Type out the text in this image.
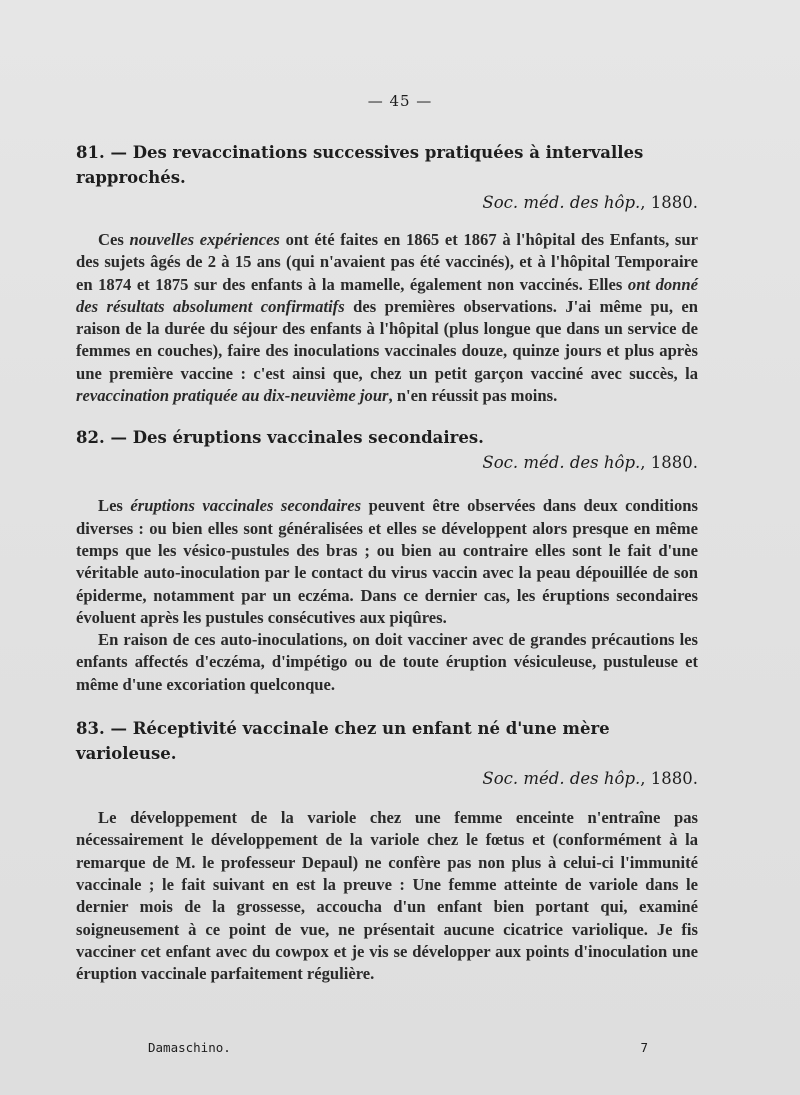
— 45 —

81. — Des revaccinations successives pratiquées à intervalles rapprochés.

Soc. méd. des hôp., 1880.

Ces nouvelles expériences ont été faites en 1865 et 1867 à l'hôpital des Enfants, sur des sujets âgés de 2 à 15 ans (qui n'avaient pas été vaccinés), et à l'hôpital Temporaire en 1874 et 1875 sur des enfants à la mamelle, également non vaccinés. Elles ont donné des résultats absolument confirmatifs des premières observations. J'ai même pu, en raison de la durée du séjour des enfants à l'hôpital (plus longue que dans un service de femmes en couches), faire des inoculations vaccinales douze, quinze jours et plus après une première vaccine : c'est ainsi que, chez un petit garçon vacciné avec succès, la revaccination pratiquée au dix-neuvième jour, n'en réussit pas moins.

82. — Des éruptions vaccinales secondaires.

Soc. méd. des hôp., 1880.

Les éruptions vaccinales secondaires peuvent être observées dans deux conditions diverses : ou bien elles sont généralisées et elles se développent alors presque en même temps que les vésico-pustules des bras ; ou bien au contraire elles sont le fait d'une véritable auto-inoculation par le contact du virus vaccin avec la peau dépouillée de son épiderme, notamment par un eczéma. Dans ce dernier cas, les éruptions secondaires évoluent après les pustules consécutives aux piqûres.

En raison de ces auto-inoculations, on doit vacciner avec de grandes précautions les enfants affectés d'eczéma, d'impétigo ou de toute éruption vésiculeuse, pustuleuse et même d'une excoriation quelconque.

83. — Réceptivité vaccinale chez un enfant né d'une mère varioleuse.

Soc. méd. des hôp., 1880.

Le développement de la variole chez une femme enceinte n'entraîne pas nécessairement le développement de la variole chez le fœtus et (conformément à la remarque de M. le professeur Depaul) ne confère pas non plus à celui-ci l'immunité vaccinale ; le fait suivant en est la preuve : Une femme atteinte de variole dans le dernier mois de la grossesse, accoucha d'un enfant bien portant qui, examiné soigneusement à ce point de vue, ne présentait aucune cicatrice variolique. Je fis vacciner cet enfant avec du cowpox et je vis se développer aux points d'inoculation une éruption vaccinale parfaitement régulière.

Damaschino.	7
